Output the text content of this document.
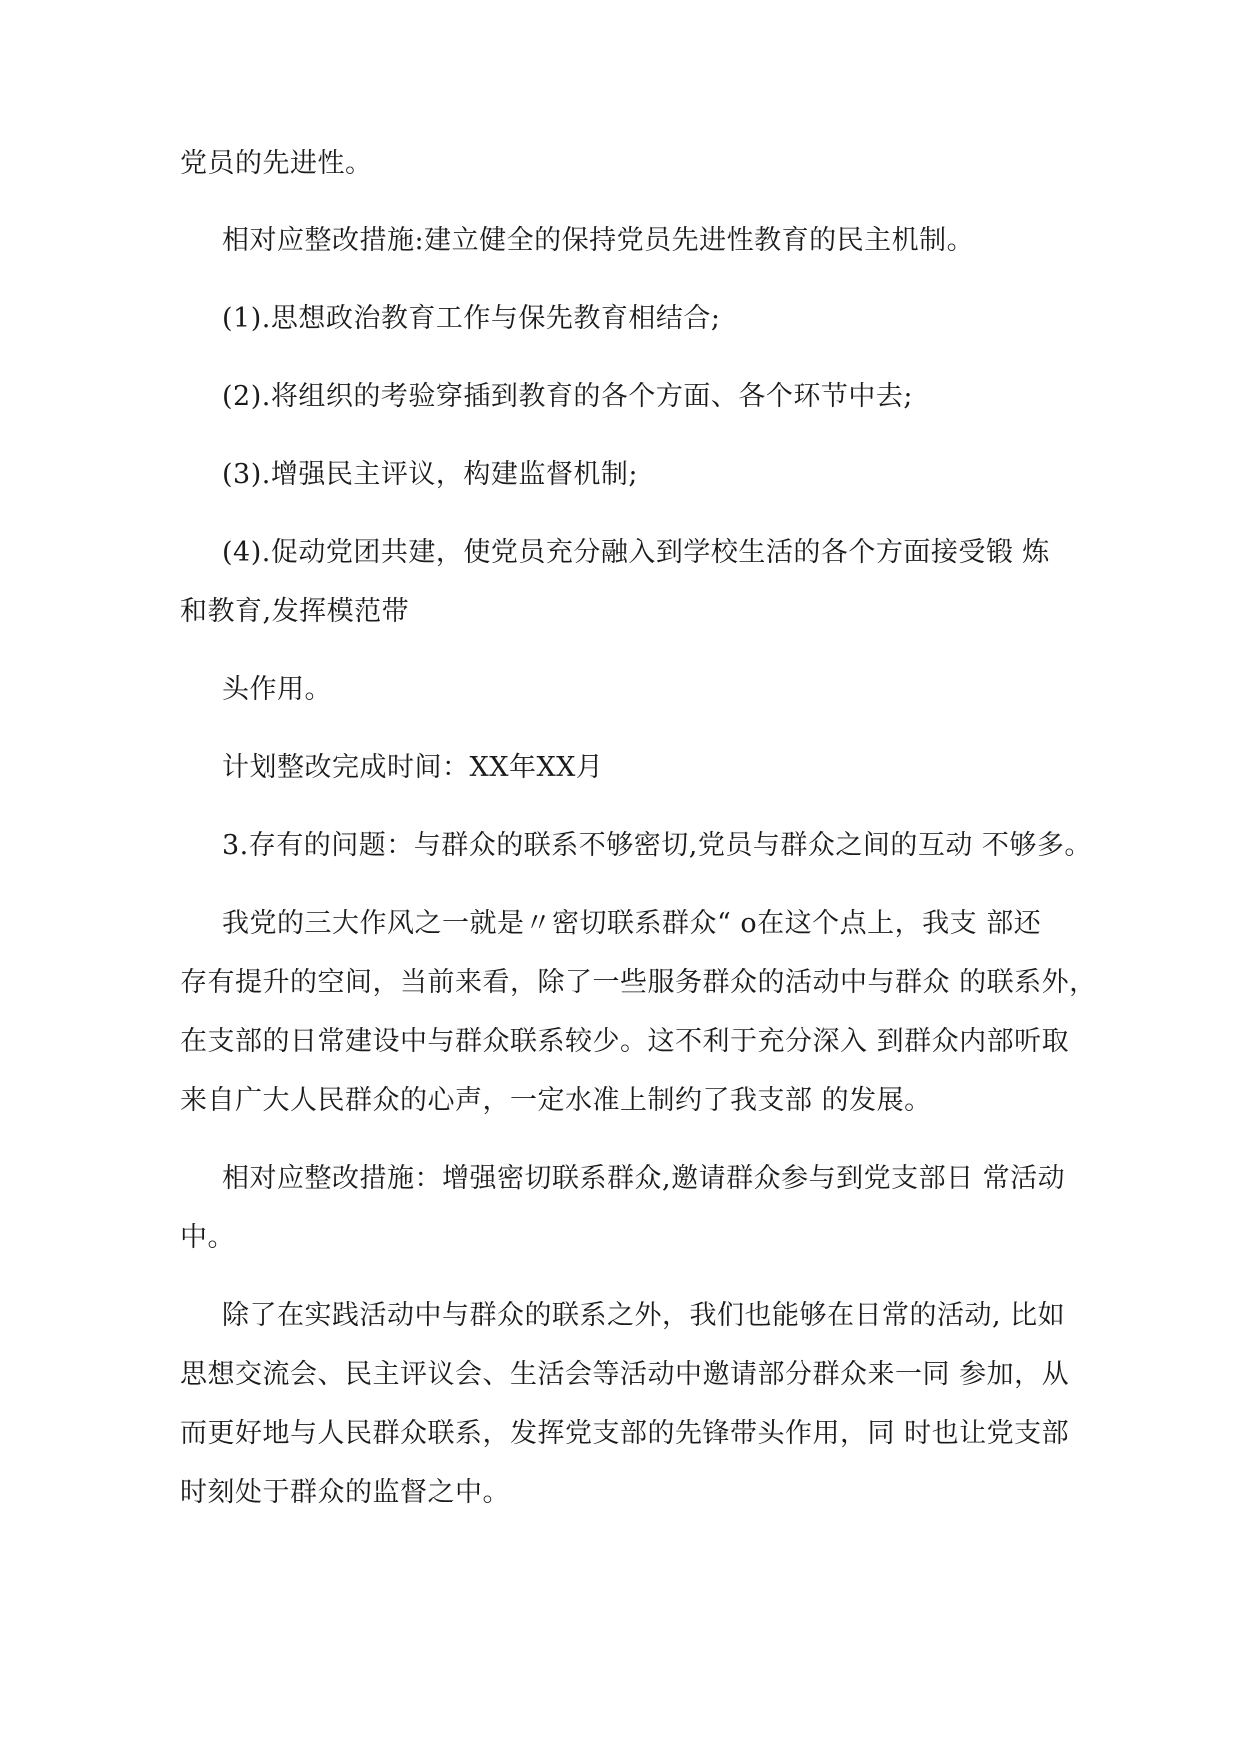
党员的先进性。
相对应整改措施:建立健全的保持党员先进性教育的民主机制。
(1).思想政治教育工作与保先教育相结合;
(2).将组织的考验穿插到教育的各个方面、各个环节中去;
(3).增强民主评议，构建监督机制;
(4).促动党团共建，使党员充分融入到学校生活的各个方面接受锻 炼
和教育,发挥模范带
头作用。
计划整改完成时间：XX年XX月
3.存有的问题：与群众的联系不够密切,党员与群众之间的互动 不够多。
我党的三大作风之一就是〃密切联系群众“ o在这个点上，我支 部还
存有提升的空间，当前来看，除了一些服务群众的活动中与群众 的联系外，
在支部的日常建设中与群众联系较少。这不利于充分深入 到群众内部听取
来自广大人民群众的心声，一定水准上制约了我支部 的发展。
相对应整改措施：增强密切联系群众,邀请群众参与到党支部日 常活动
中。
除了在实践活动中与群众的联系之外，我们也能够在日常的活动, 比如
思想交流会、民主评议会、生活会等活动中邀请部分群众来一同 参加，从
而更好地与人民群众联系，发挥党支部的先锋带头作用，同 时也让党支部
时刻处于群众的监督之中。
